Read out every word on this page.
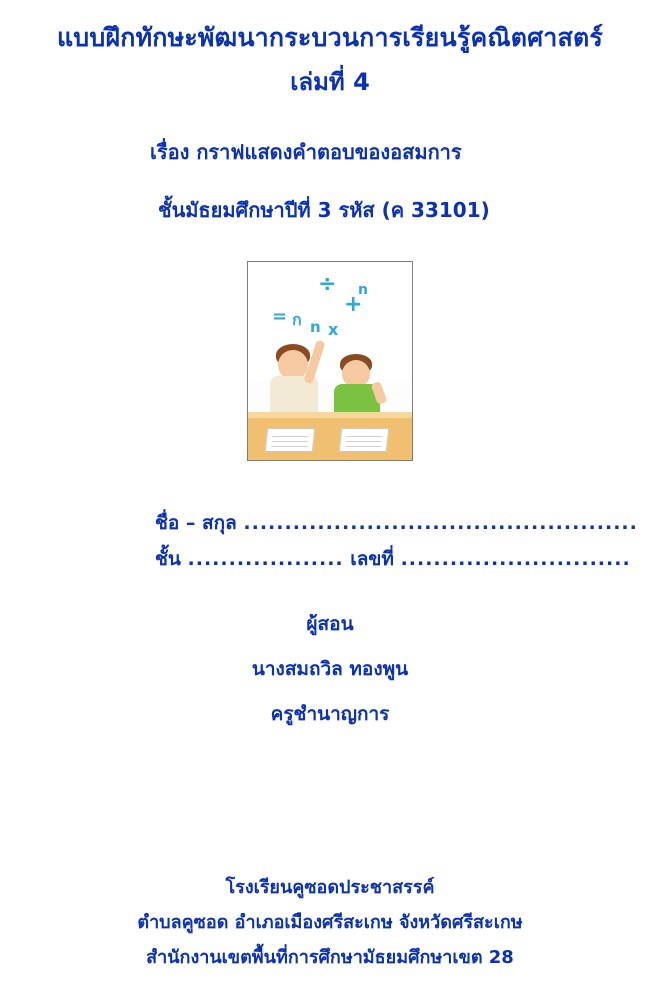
แบบฝึกทักษะพัฒนากระบวนการเรียนรู้คณิตศาสตร์
เล่มที่ 4
เรื่อง กราฟแสดงคำตอบของอสมการ
ชั้นมัธยมศึกษาปีที่ 3 รหัส (ค 33101)
÷
+
= ก n x
n
ชื่อ – สกุล ................................................
ชั้น ................... เลขที่ ............................
ผู้สอน
นางสมถวิล ทองพูน
ครูชำนาญการ
โรงเรียนคูซอดประชาสรรค์
ตำบลคูซอด อำเภอเมืองศรีสะเกษ จังหวัดศรีสะเกษ
สำนักงานเขตพื้นที่การศึกษามัธยมศึกษาเขต 28
